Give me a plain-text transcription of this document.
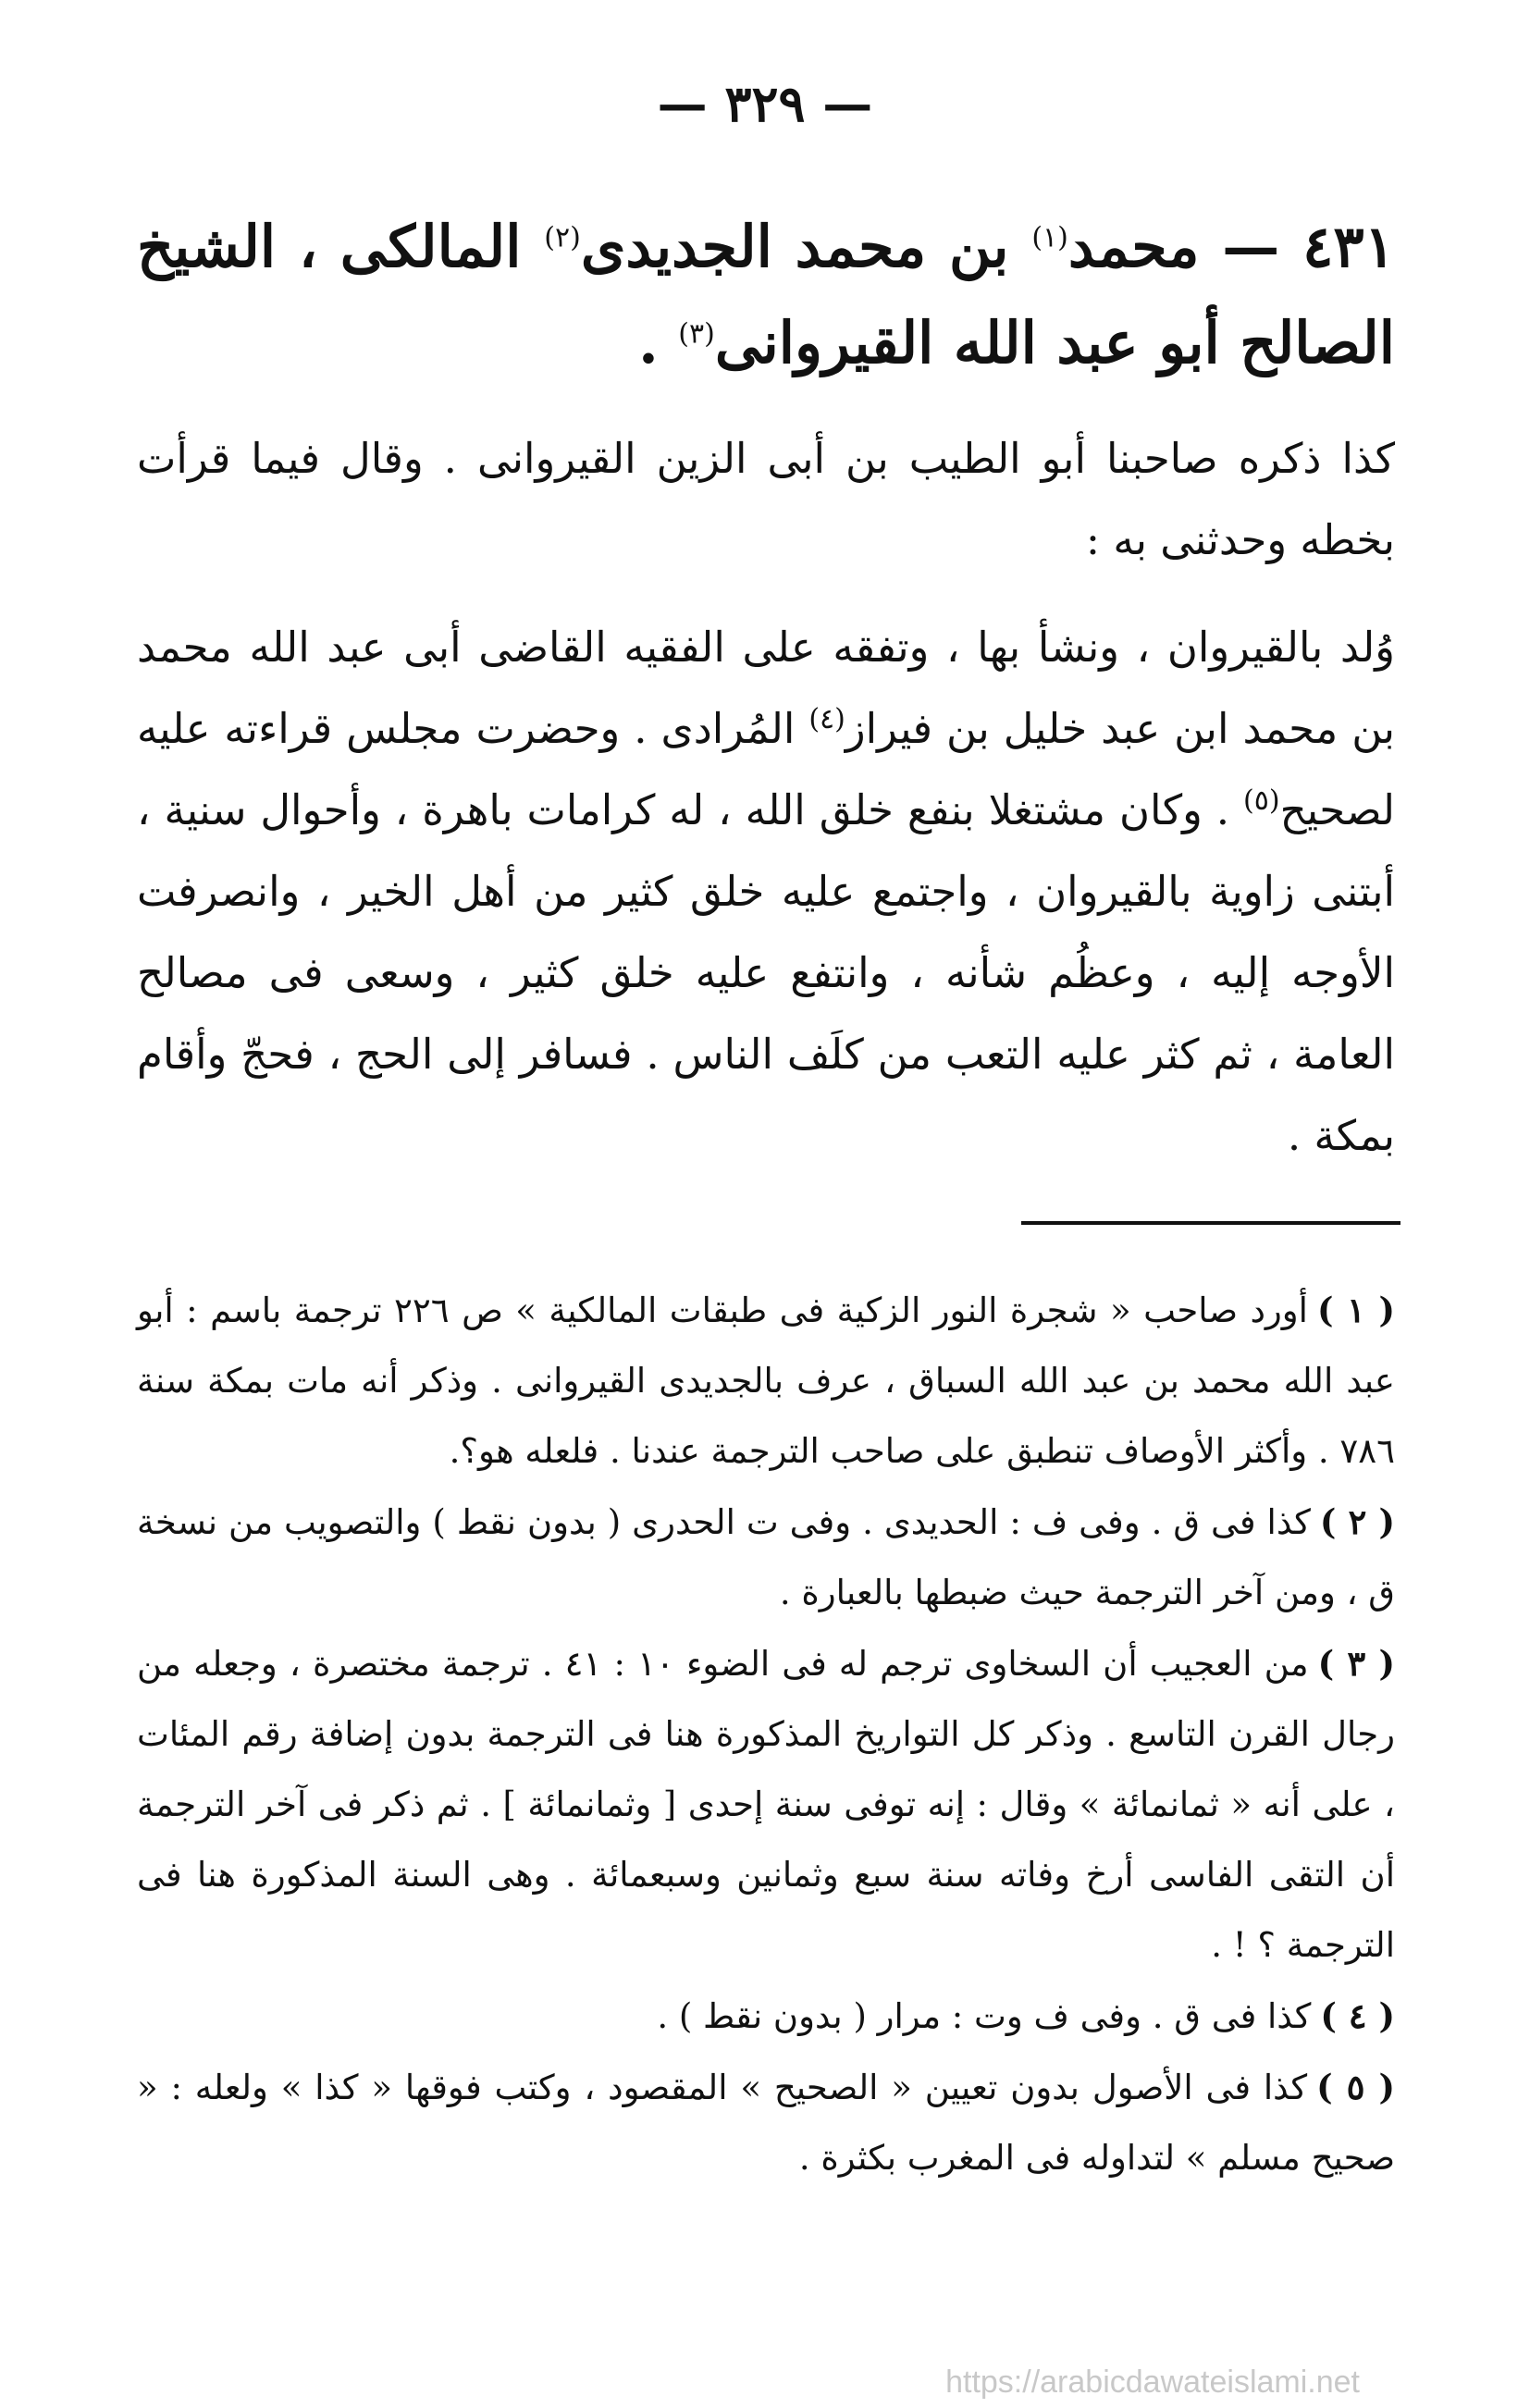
— ٣٢٩ —
٤٣١ — محمد$^{(١)}$ بن محمد الجديدى$^{(٢)}$ المالكى ، الشيخ الصالح أبو عبد الله القيروانى$^{(٣)}$ .

كذا ذكره صاحبنا أبو الطيب بن أبى الزين القيروانى . وقال فيما قرأت بخطه وحدثنى به :

وُلد بالقيروان ، ونشأ بها ، وتفقه على الفقيه القاضى أبى عبد الله محمد بن محمد ابن عبد خليل بن فيراز$^{(٤)}$ المُرادى . وحضرت مجلس قراءته عليه لصحيح$^{(٥)}$ . وكان مشتغلا بنفع خلق الله ، له كرامات باهرة ، وأحوال سنية ، أبتنى زاوية بالقيروان ، واجتمع عليه خلق كثير من أهل الخير ، وانصرفت الأوجه إليه ، وعظُم شأنه ، وانتفع عليه خلق كثير ، وسعى فى مصالح العامة ، ثم كثر عليه التعب من كلَف الناس . فسافر إلى الحج ، فحجّ وأقام بمكة .

( ١ )أورد صاحب « شجرة النور الزكية فى طبقات المالكية » ص ٢٢٦ ترجمة باسم : أبو عبد الله محمد بن عبد الله السباق ، عرف بالجديدى القيروانى . وذكر أنه مات بمكة سنة ٧٨٦ . وأكثر الأوصاف تنطبق على صاحب الترجمة عندنا . فلعله هو؟.

( ٢ )كذا فى ق . وفى ف : الحديدى . وفى ت الحدرى ( بدون نقط ) والتصويب من نسخة ق ، ومن آخر الترجمة حيث ضبطها بالعبارة .

( ٣ )من العجيب أن السخاوى ترجم له فى الضوء ١٠ : ٤١ . ترجمة مختصرة ، وجعله من رجال القرن التاسع . وذكر كل التواريخ المذكورة هنا فى الترجمة بدون إضافة رقم المئات ، على أنه « ثمانمائة » وقال : إنه توفى سنة إحدى [ وثمانمائة ] . ثم ذكر فى آخر الترجمة أن التقى الفاسى أرخ وفاته سنة سبع وثمانين وسبعمائة . وهى السنة المذكورة هنا فى الترجمة ؟ ! .

( ٤ )كذا فى ق . وفى ف وت : مرار ( بدون نقط ) .

( ٥ )كذا فى الأصول بدون تعيين « الصحيح » المقصود ، وكتب فوقها « كذا » ولعله : « صحيح مسلم » لتداوله فى المغرب بكثرة .

https://arabicdawateislami.net
